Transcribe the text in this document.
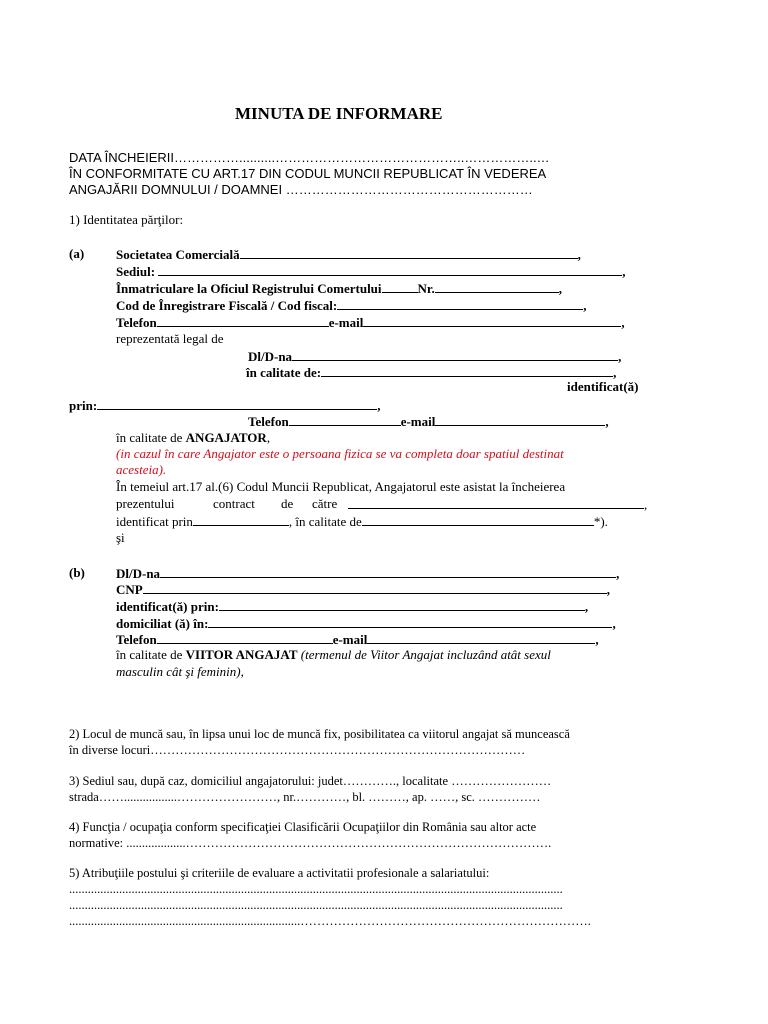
MINUTA DE INFORMARE
DATA ÎNCHEIERII……………..........……………………………………..……………..…
ÎN CONFORMITATE CU ART.17 DIN CODUL MUNCII REPUBLICAT ÎN VEDEREA
ANGAJĂRII DOMNULUI / DOAMNEI …………………………………………………
1) Identitatea părţilor:
(a) Societatea Comercială	,
Sediul:	,
Înmatriculare la Oficiul Registrului Comertului	Nr.	,
Cod de Înregistrare Fiscală / Cod fiscal:	,
Telefon	e-mail	,
reprezentată legal de
Dl/D-na	,
în calitate de:	,
identificat(ă)
prin:	,
Telefon	e-mail	,
în calitate de ANGAJATOR,
(in cazul în care Angajator este o persoana fizica se va completa doar spatiul destinat
acesteia).
În temeiul art.17 al.(6) Codul Muncii Republicat, Angajatorul este asistat la încheierea
prezentului	contract de către	,
identificat prin	, în calitate de	*).
şi
(b) Dl/D-na	,
CNP	,
identificat(ă) prin:	,
domiciliat (ă) în:	,
Telefon	e-mail	,
în calitate de VIITOR ANGAJAT (termenul de Viitor Angajat incluzând atât sexul
masculin cât şi feminin),
2) Locul de muncă sau, în lipsa unui loc de muncă fix, posibilitatea ca viitorul angajat să muncească
în diverse locuri………………………………………………………………………………
3) Sediul sau, după caz, domiciliul angajatorului: judet…………., localitate ……………………
strada…….................……………………, nr.…………, bl. ………, ap. ……, sc. ……………
4) Funcţia / ocupaţia conform specificaţiei Clasificării Ocupaţiilor din România sau altor acte
normative: ...................…………………………………………………………………………….
5) Atribuţiile postului şi criteriile de evaluare a activitatii profesionale a salariatului:
..............................................................................................................................................................
..............................................................................................................................................................
..........................................................................…………………………………………………………….
